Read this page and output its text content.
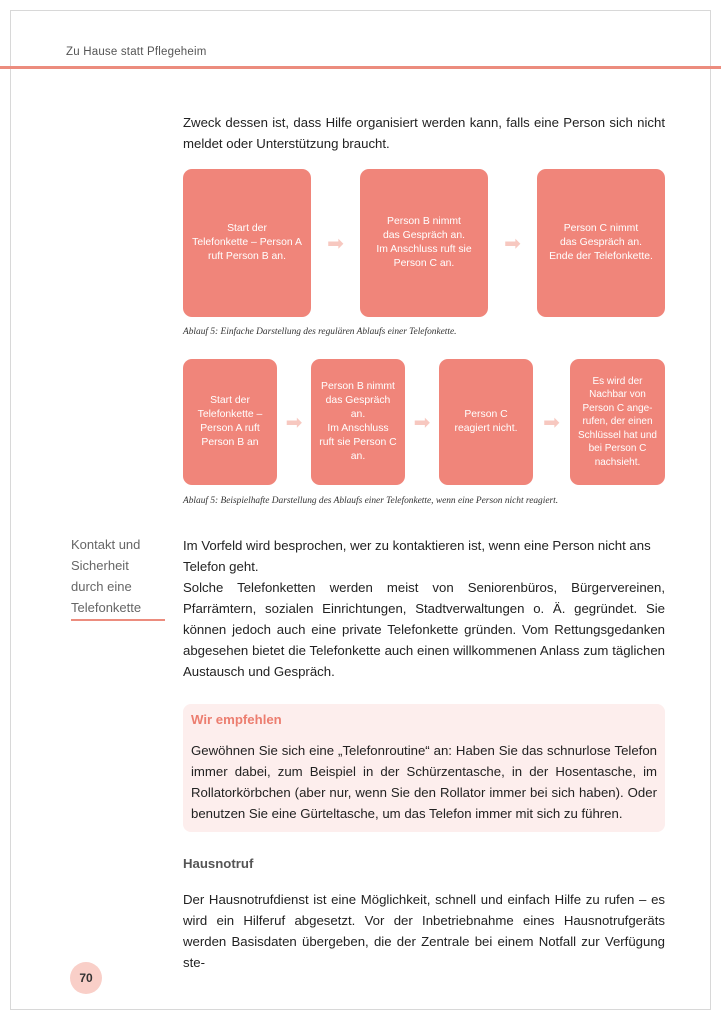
Zu Hause statt Pflegeheim
Zweck dessen ist, dass Hilfe organisiert werden kann, falls eine Person sich nicht meldet oder Unterstützung braucht.
Start der
Telefonkette – Person A
ruft Person B an.
➡
Person B nimmt
das Gespräch an.
Im Anschluss ruft sie
Person C an.
➡
Person C nimmt
das Gespräch an.
Ende der Telefonkette.
Ablauf 5: Einfache Darstellung des regulären Ablaufs einer Telefonkette.
Start der
Telefonkette –
Person A ruft
Person B an
➡
Person B nimmt
das Gespräch an.
Im Anschluss
ruft sie Person C
an.
➡	Person C
reagiert nicht.	➡
Es wird der
Nachbar von
Person C ange-
rufen, der einen
Schlüssel hat und
bei Person C
nachsieht.
Ablauf 5: Beispielhafte Darstellung des Ablaufs einer Telefonkette, wenn eine Person nicht reagiert.
Kontakt und
Sicherheit
durch eine
Telefonkette
Im Vorfeld wird besprochen, wer zu kontaktieren ist, wenn eine Person nicht ans Telefon geht.
Solche Telefonketten werden meist von Seniorenbüros, Bürgervereinen, Pfarrämtern, sozialen Einrichtungen, Stadtverwaltungen o. Ä. gegründet. Sie können jedoch auch eine private Telefonkette gründen. Vom Rettungsgedanken abgesehen bietet die Telefonkette auch einen willkommenen Anlass zum täglichen Austausch und Gespräch.
Wir empfehlen
Gewöhnen Sie sich eine „Telefonroutine“ an: Haben Sie das schnurlose Telefon immer dabei, zum Beispiel in der Schürzentasche, in der Hosentasche, im Rollatorkörbchen (aber nur, wenn Sie den Rollator immer bei sich haben). Oder benutzen Sie eine Gürteltasche, um das Telefon immer mit sich zu führen.
Hausnotruf
Der Hausnotrufdienst ist eine Möglichkeit, schnell und einfach Hilfe zu rufen – es wird ein Hilferuf abgesetzt. Vor der Inbetriebnahme eines Hausnotrufgeräts werden Basisdaten übergeben, die der Zentrale bei einem Notfall zur Verfügung ste-
70
